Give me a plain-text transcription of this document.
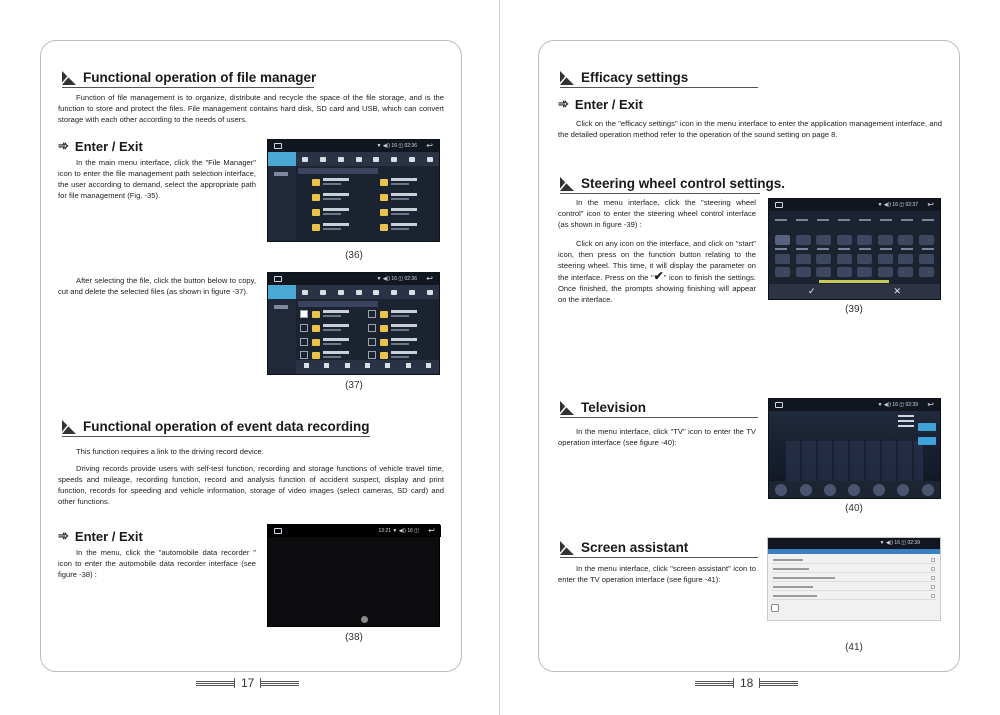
Functional operation of file manager
Function of file management is to organize, distribute and recycle the space of the file storage, and is the function to store and protect the files. File management contains hard disk, SD card and USB, which can convert storage with each other according to the needs of users.
➾ Enter / Exit
In the main menu interface, click the "File Manager" icon to enter the file management path selection interface, the user according to demand, select the appropriate path for file management (Fig. -35).
▼ ◀)) 16 ◫ 02:36 ↩
(36)
After selecting the file, click the button below to copy, cut and delete the selected files (as shown in figure -37).
▼ ◀)) 16 ◫ 02:36 ↩
(37)
Functional operation of event data recording
This function requires a link to the driving record device.
Driving records provide users with self-test function, recording and storage functions of vehicle travel time, speeds and mileage, recording function, record and analysis function of accident suspect, display and print function, records for speeding and vehicle information, storage of video images (select cameras, SD card) and other functions.
➾ Enter / Exit
In the menu, click the "automobile data recorder " icon to enter the automobile data recorder interface (see figure -38) :
13:21 ▼ ◀)) 16 ◫ ↩
(38)
17
Efficacy settings
➾ Enter / Exit
Click on the "efficacy settings" icon in the menu interface to enter the application management interface, and the detailed operation method refer to the operation of the sound setting on page 8.
Steering wheel control settings.
In the menu interface, click the "steering wheel control" icon to enter the steering wheel control interface (as shown in figure -39) :
Click on any icon on the interface, and click on "start" icon, then press on the function button relating to the steering wheel. This time, it will display the parameter on the interface. Press on the "✔" icon to finish the settings. Once finished, the prompts showing finishing will appear on the interface.
▼ ◀)) 16 ◫ 02:37 ↩
✓	✕
(39)
Television
In the menu interface, click "TV" icon to enter the TV operation interface (see figure -40):
▼ ◀)) 16 ◫ 02:39 ↩
(40)
Screen assistant
In the menu interface, click "screen assistant" icon to enter the TV operation interface (see figure -41):
▼ ◀)) 16 ◫ 02:39
(41)
18
